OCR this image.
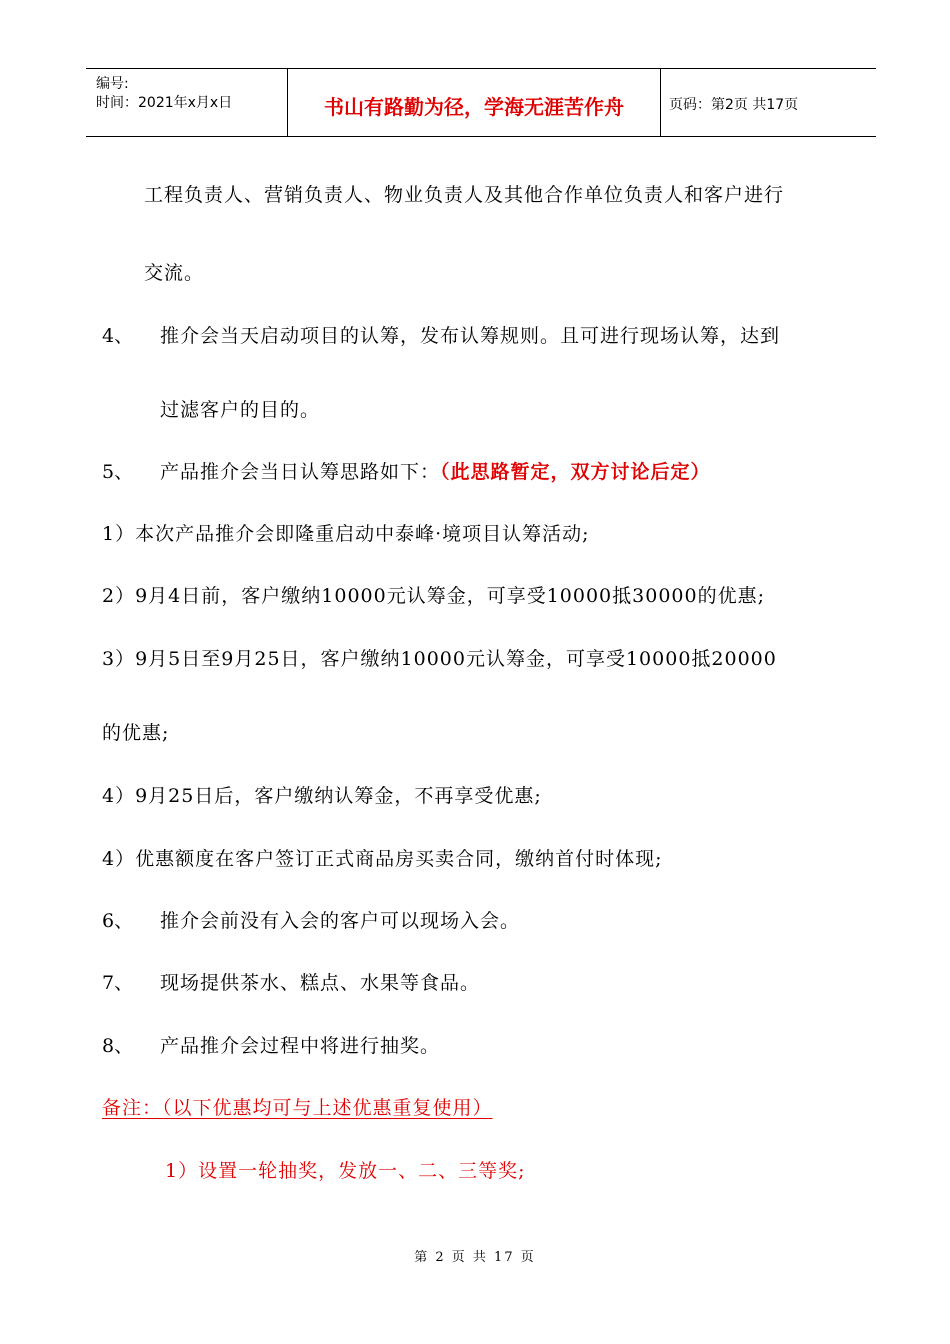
编号:
时间：2021年x月x日	书山有路勤为径，学海无涯苦作舟	页码：第2页 共17页
工程负责人、营销负责人、物业负责人及其他合作单位负责人和客户进行
交流。
4、 推介会当天启动项目的认筹，发布认筹规则。且可进行现场认筹，达到
过滤客户的目的。
5、 产品推介会当日认筹思路如下：（此思路暂定，双方讨论后定）
1）本次产品推介会即隆重启动中泰峰·境项目认筹活动;
2）9月4日前，客户缴纳10000元认筹金，可享受10000抵30000的优惠;
3）9月5日至9月25日，客户缴纳10000元认筹金，可享受10000抵20000
的优惠;
4）9月25日后，客户缴纳认筹金，不再享受优惠;
4）优惠额度在客户签订正式商品房买卖合同，缴纳首付时体现;
6、 推介会前没有入会的客户可以现场入会。
7、 现场提供茶水、糕点、水果等食品。
8、 产品推介会过程中将进行抽奖。
备注：（以下优惠均可与上述优惠重复使用）
1）设置一轮抽奖，发放一、二、三等奖;
第 2 页 共 17 页
